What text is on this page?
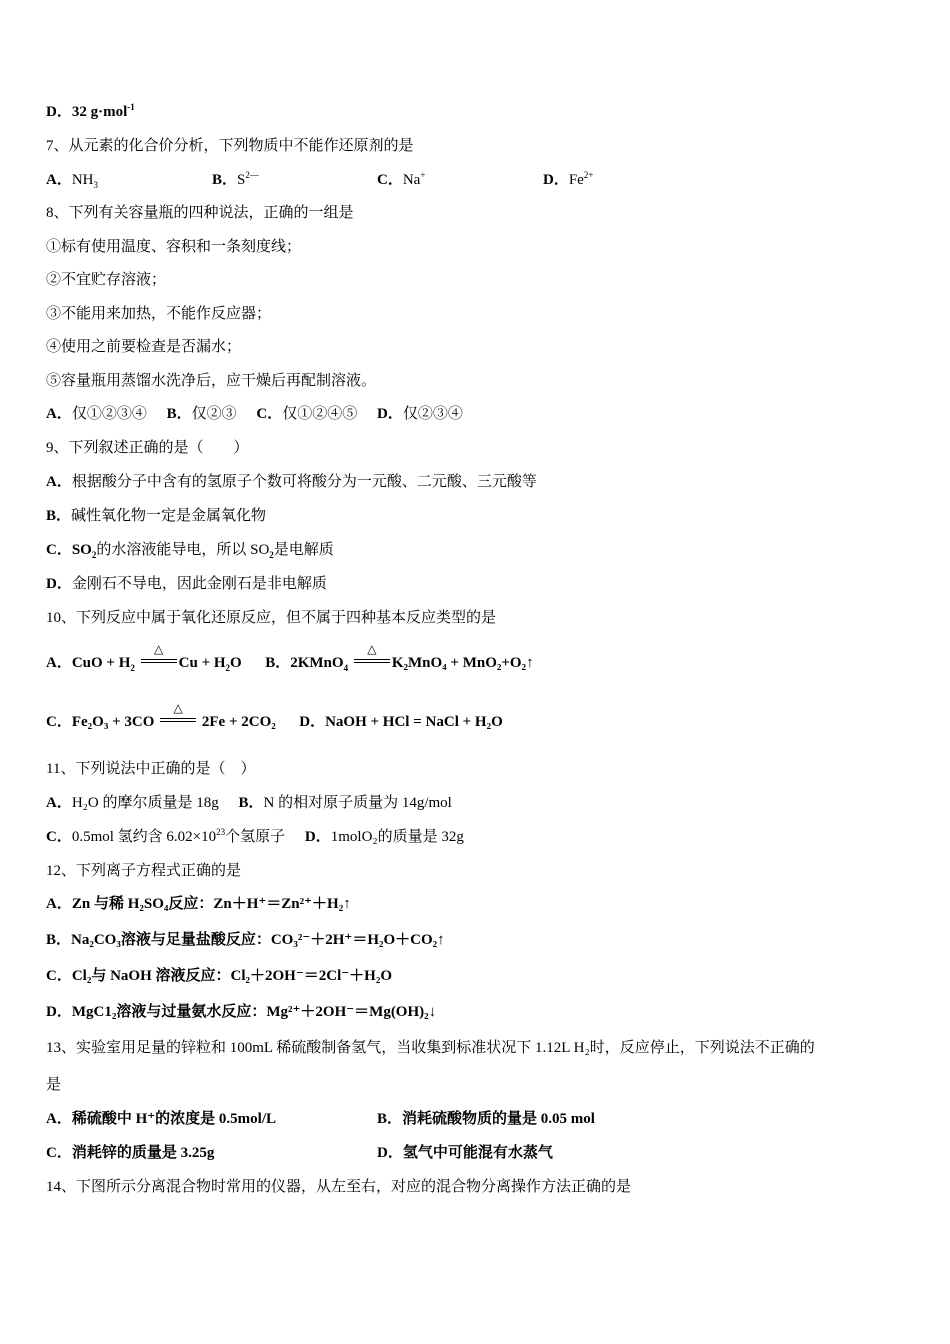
D．32 g·mol$^{-1}$
7、从元素的化合价分析，下列物质中不能作还原剂的是
A．$NH_3$	B．$S^{2—}$	C．Na+	D．$Fe^{2+}$
8、下列有关容量瓶的四种说法，正确的一组是
①标有使用温度、容积和一条刻度线；
②不宜贮存溶液；
③不能用来加热，不能作反应器；
④使用之前要检查是否漏水；
⑤容量瓶用蒸馏水洗净后，应干燥后再配制溶液。
A．仅①②③④ B．仅②③ C．仅①②④⑤ D．仅②③④
9、下列叙述正确的是（　　）
A．根据酸分子中含有的氢原子个数可将酸分为一元酸、二元酸、三元酸等
B．碱性氧化物一定是金属氧化物
C．$SO_2$的水溶液能导电，所以 $SO_2$是电解质
D．金刚石不导电，因此金刚石是非电解质
10、下列反应中属于氧化还原反应，但不属于四种基本反应类型的是
A．CuO + $H_2$
△
$Cu + H_2O$ B．2KMnO$_4$
△
K₂MnO₄ + MnO₂+O₂↑
C．Fe₂O₃ + 3CO
△
2Fe + 2CO₂ D．NaOH + HCl = NaCl + H₂O
11、下列说法中正确的是（　）
A．H₂O 的摩尔质量是 18g B．N 的相对原子质量为 14g/mol
C．0.5mol 氢约含 $6.02\times 10^{23}$个氢原子 D．1molO₂的质量是 32g
12、下列离子方程式正确的是
A．Zn 与稀 H₂SO₄反应：Zn＋H⁺＝Zn²⁺＋H₂↑
B．Na₂CO₃溶液与足量盐酸反应：CO₃²⁻＋2H⁺＝H₂O＋CO₂↑
C．Cl₂与 NaOH 溶液反应：Cl₂＋2OH⁻＝2Cl⁻＋H₂O
D．MgC1₂溶液与过量氨水反应：Mg²⁺＋2OH⁻＝Mg(OH)₂↓
13、实验室用足量的锌粒和 100mL 稀硫酸制备氢气，当收集到标准状况下 1.12L H₂时，反应停止，下列说法不正确的
是
A．稀硫酸中 H⁺的浓度是 0.5mol/L	B．消耗硫酸物质的量是 0.05 mol
C．消耗锌的质量是 3.25g	D．氢气中可能混有水蒸气
14、下图所示分离混合物时常用的仪器，从左至右，对应的混合物分离操作方法正确的是
